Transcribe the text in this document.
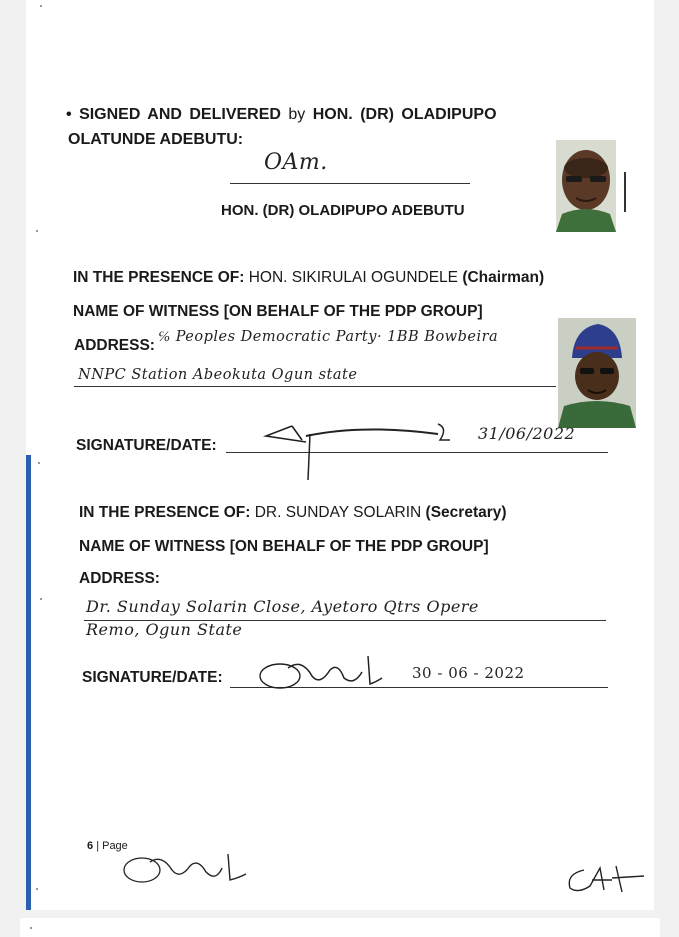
• SIGNED AND DELIVERED by HON. (DR) OLADIPUPO
OLATUNDE ADEBUTU:
OAm.
HON. (DR) OLADIPUPO ADEBUTU
IN THE PRESENCE OF: HON. SIKIRULAI OGUNDELE (Chairman)
NAME OF WITNESS [ON BEHALF OF THE PDP GROUP]
ADDRESS: ℅ Peoples Democratic Party· 1BB Bowbeira
NNPC Station Abeokuta Ogun state
SIGNATURE/DATE:
31/06/2022
IN THE PRESENCE OF: DR. SUNDAY SOLARIN (Secretary)
NAME OF WITNESS [ON BEHALF OF THE PDP GROUP]
ADDRESS:
Dr. Sunday Solarin Close, Ayetoro Qtrs Opere
Remo, Ogun State
SIGNATURE/DATE:	30 - 06 - 2022
6 | Page
